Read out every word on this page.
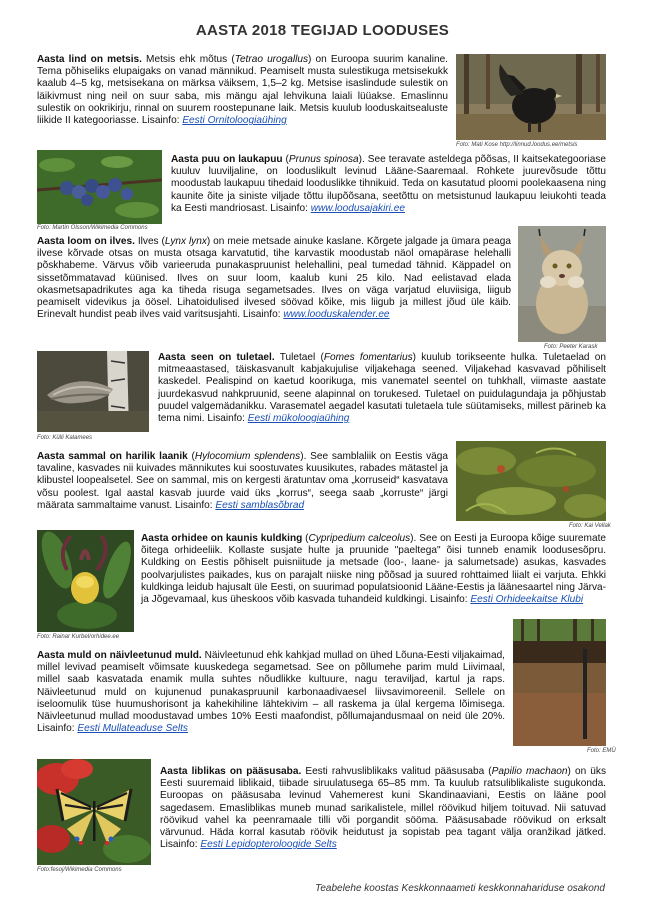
AASTA 2018 TEGIJAD LOODUSES
Aasta lind on metsis. Metsis ehk mõtus (Tetrao urogallus) on Euroopa suurim kanaline. Tema põhiseliks elupaigaks on vanad männikud. Peamiselt musta sulestikuga metsisekukk kaalub 4–5 kg, metsisekana on märksa väiksem, 1,5–2 kg. Metsise isaslindude sulestik on läikivmust ning neil on suur saba, mis mängu ajal lehvikuna laiali lüüakse. Emaslinnu sulestik on ookrikirju, rinnal on suurem roostepunane laik. Metsis kuulub looduskaitsealuste liikide II kategooriasse. Lisainfo: Eesti Ornitoloogiaühing
Foto: Mati Kose http://linnud.loodus.ee/metsis
Foto: Martin Olsson/Wikimedia Commons
Aasta puu on laukapuu (Prunus spinosa). See teravate asteldega põõsas, II kaitsekategooriase kuuluv luuviljaline, on looduslikult levinud Lääne-Saaremaal. Rohkete juurevõsude tõttu moodustab laukapuu tihedaid looduslikke tihnikuid. Teda on kasutatud ploomi poolekaasena ning kaunite õite ja siniste viljade tõttu ilupõõsana, seetõttu on metsistunud laukapuu leiukohti teada ka Eesti mandriosast. Lisainfo: www.loodusajakiri.ee
Aasta loom on ilves. Ilves (Lynx lynx) on meie metsade ainuke kaslane. Kõrgete jalgade ja ümara peaga ilvese kõrvade otsas on musta otsaga karvatutid, tihe karvastik moodustab näol omapärase helehalli põskhabeme. Värvus võib varieeruda punakaspruunist helehallini, peal tumedad tähnid. Käppadel on sissetõmmatavad küünised. Ilves on suur loom, kaalub kuni 25 kilo. Nad eelistavad elada okasmetsapadrikutes aga ka tiheda risuga segametsades. Ilves on väga varjatud eluviisiga, liigub peamiselt videvikus ja öösel. Lihatoidulised ilvesed söövad kõike, mis liigub ja millest jõud üle käib. Erinevalt hundist peab ilves vaid varitsusjahti. Lisainfo: www.looduskalender.ee
Foto: Peeter Karask
Foto: Külli Kalamees
Aasta seen on tuletael. Tuletael (Fomes fomentarius) kuulub torikseente hulka. Tuletaelad on mitmeaastased, täiskasvanult kabjakujulise viljakehaga seened. Viljakehad kasvavad põhiliselt kaskedel. Pealispind on kaetud koorikuga, mis vanematel seentel on tuhkhall, viimaste aastate juurdekasvud nahkpruunid, seene alapinnal on torukesed. Tuletael on puidulagundaja ja põhjustab puudel valgemädanikku. Varasematel aegadel kasutati tuletaela tule süütamiseks, millest pärineb ka tema nimi. Lisainfo: Eesti mükoloogiaühing
Aasta sammal on harilik laanik (Hylocomium splendens). See samblaliik on Eestis väga tavaline, kasvades nii kuivades männikutes kui soostuvates kuusikutes, rabades mätastel ja klibustel loopealsetel. See on sammal, mis on kergesti äratuntav oma „korruseid“ kasvatava võsu poolest. Igal aastal kasvab juurde vaid üks „korrus“, seega saab „korruste“ järgi määrata sammaltaime vanust. Lisainfo: Eesti samblasõbrad
Foto: Kai Vellak
Foto: Rainar Kurbel/orhidee.ee
Aasta orhidee on kaunis kuldking (Cypripedium calceolus). See on Eesti ja Euroopa kõige suuremate õitega orhideeliik. Kollaste susjate hulte ja pruunide "paeltega" õisi tunneb enamik loodusesõpru. Kuldking on Eestis põhiselt puisniitude ja metsade (loo-, laane- ja salumetsade) asukas, kasvades poolvarjulistes paikades, kus on parajalt niiske ning põõsad ja suured rohttaimed liialt ei varjuta. Ehkki kuldkinga leidub hajusalt üle Eesti, on suurimad populatsioonid Lääne-Eestis ja läänesaartel ning Järva- ja Jõgevamaal, kus üheskoos võib kasvada tuhandeid kuldkingi. Lisainfo: Eesti Orhideekaitse Klubi
Aasta muld on näivleetunud muld. Näivleetunud ehk kahkjad mullad on ühed Lõuna-Eesti viljakaimad, millel levivad peamiselt võimsate kuuskedega segametsad. See on põllumehe parim muld Liivimaal, millel saab kasvatada enamik mulla suhtes nõudlikke kultuure, nagu teraviljad, kartul ja raps. Näivleetunud muld on kujunenud punakaspruunil karbonaadivaesel liivsavimoreenil. Sellele on iseloomulik tüse huumushorisont ja kahekihiline lähtekivim – all raskema ja ülal kergema lõimisega. Näivleetunud mullad moodustavad umbes 10% Eesti maafondist, põllumajandusmaal on neid üle 20%. Lisainfo: Eesti Mullateaduse Selts
Foto: EMÜ
Foto:fesoj/Wikimedia Commons
Aasta liblikas on pääsusaba. Eesti rahvusliblikaks valitud pääsusaba (Papilio machaon) on üks Eesti suuremaid liblikaid, tiibade siruulatusega 65–85 mm. Ta kuulub ratsuliblikaliste sugukonda. Euroopas on pääsusaba levinud Vahemerest kuni Skandinaaviani, Eestis on lääne pool sagedasem. Emasliblikas muneb munad sarikalistele, millel röövikud hiljem toituvad. Nii satuvad röövikud vahel ka peenramaale tilli või porgandit sööma. Pääsusabade röövikud on erksalt värvunud. Häda korral kasutab röövik heidutust ja sopistab pea tagant välja oranžikad jätked. Lisainfo: Eesti Lepidopteroloogide Selts
Teabelehe koostas Keskkonnaameti keskkonnahariduse osakond
